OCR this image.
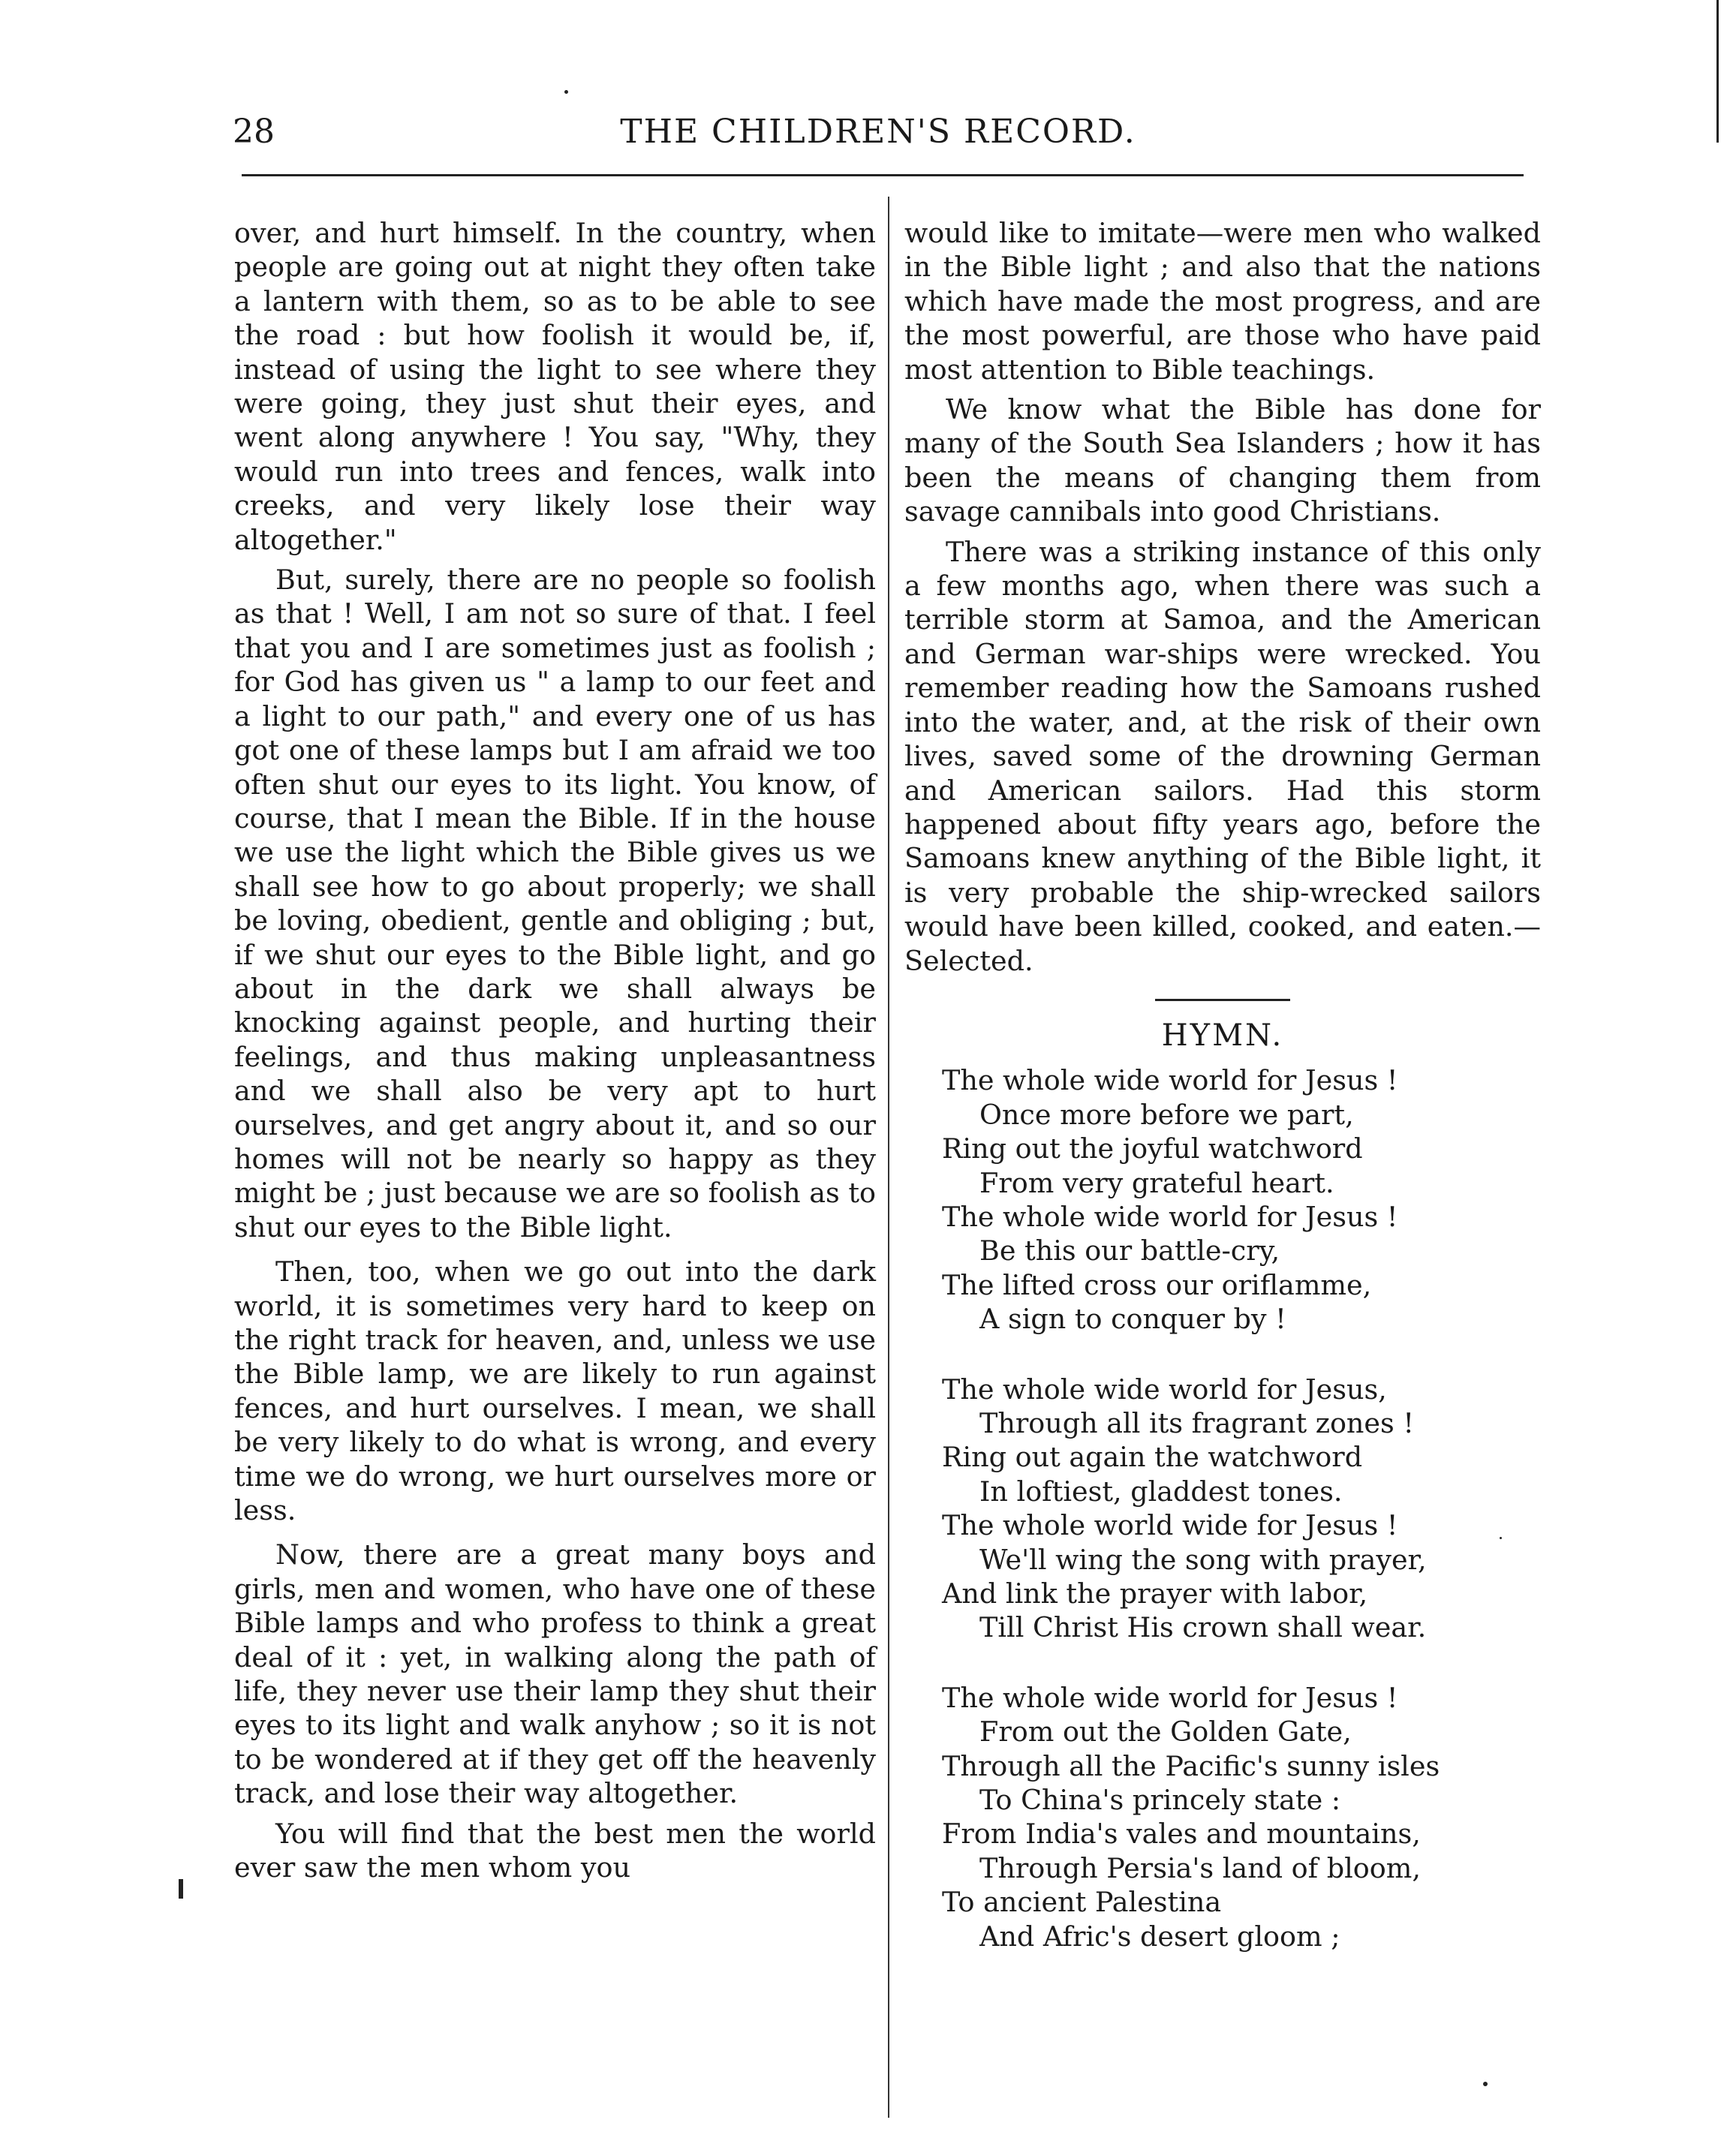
28	THE CHILDREN'S RECORD.

over, and hurt himself. In the country, when people are going out at night they often take a lantern with them, so as to be able to see the road : but how foolish it would be, if, instead of using the light to see where they were going, they just shut their eyes, and went along anywhere ! You say, "Why, they would run into trees and fences, walk into creeks, and very likely lose their way altogether."

But, surely, there are no people so foolish as that ! Well, I am not so sure of that. I feel that you and I are sometimes just as foolish ; for God has given us " a lamp to our feet and a light to our path," and every one of us has got one of these lamps but I am afraid we too often shut our eyes to its light. You know, of course, that I mean the Bible. If in the house we use the light which the Bible gives us we shall see how to go about properly; we shall be loving, obedient, gentle and obliging ; but, if we shut our eyes to the Bible light, and go about in the dark we shall always be knocking against people, and hurting their feelings, and thus making unpleasantness and we shall also be very apt to hurt ourselves, and get angry about it, and so our homes will not be nearly so happy as they might be ; just because we are so foolish as to shut our eyes to the Bible light.

Then, too, when we go out into the dark world, it is sometimes very hard to keep on the right track for heaven, and, unless we use the Bible lamp, we are likely to run against fences, and hurt ourselves. I mean, we shall be very likely to do what is wrong, and every time we do wrong, we hurt ourselves more or less.

Now, there are a great many boys and girls, men and women, who have one of these Bible lamps and who profess to think a great deal of it : yet, in walking along the path of life, they never use their lamp they shut their eyes to its light and walk anyhow ; so it is not to be wondered at if they get off the heavenly track, and lose their way altogether.

You will find that the best men the world ever saw the men whom you

would like to imitate—were men who walked in the Bible light ; and also that the nations which have made the most progress, and are the most powerful, are those who have paid most attention to Bible teachings.

We know what the Bible has done for many of the South Sea Islanders ; how it has been the means of changing them from savage cannibals into good Christians.

There was a striking instance of this only a few months ago, when there was such a terrible storm at Samoa, and the American and German war-ships were wrecked. You remember reading how the Samoans rushed into the water, and, at the risk of their own lives, saved some of the drowning German and American sailors. Had this storm happened about fifty years ago, before the Samoans knew anything of the Bible light, it is very probable the ship-wrecked sailors would have been killed, cooked, and eaten.—Selected.

HYMN.
The whole wide world for Jesus !
Once more before we part,
Ring out the joyful watchword
From very grateful heart.
The whole wide world for Jesus !
Be this our battle-cry,
The lifted cross our oriflamme,
A sign to conquer by !
The whole wide world for Jesus,
Through all its fragrant zones !
Ring out again the watchword
In loftiest, gladdest tones.
The whole world wide for Jesus !
We'll wing the song with prayer,
And link the prayer with labor,
Till Christ His crown shall wear.
The whole wide world for Jesus !
From out the Golden Gate,
Through all the Pacific's sunny isles
To China's princely state :
From India's vales and mountains,
Through Persia's land of bloom,
To ancient Palestina
And Afric's desert gloom ;
